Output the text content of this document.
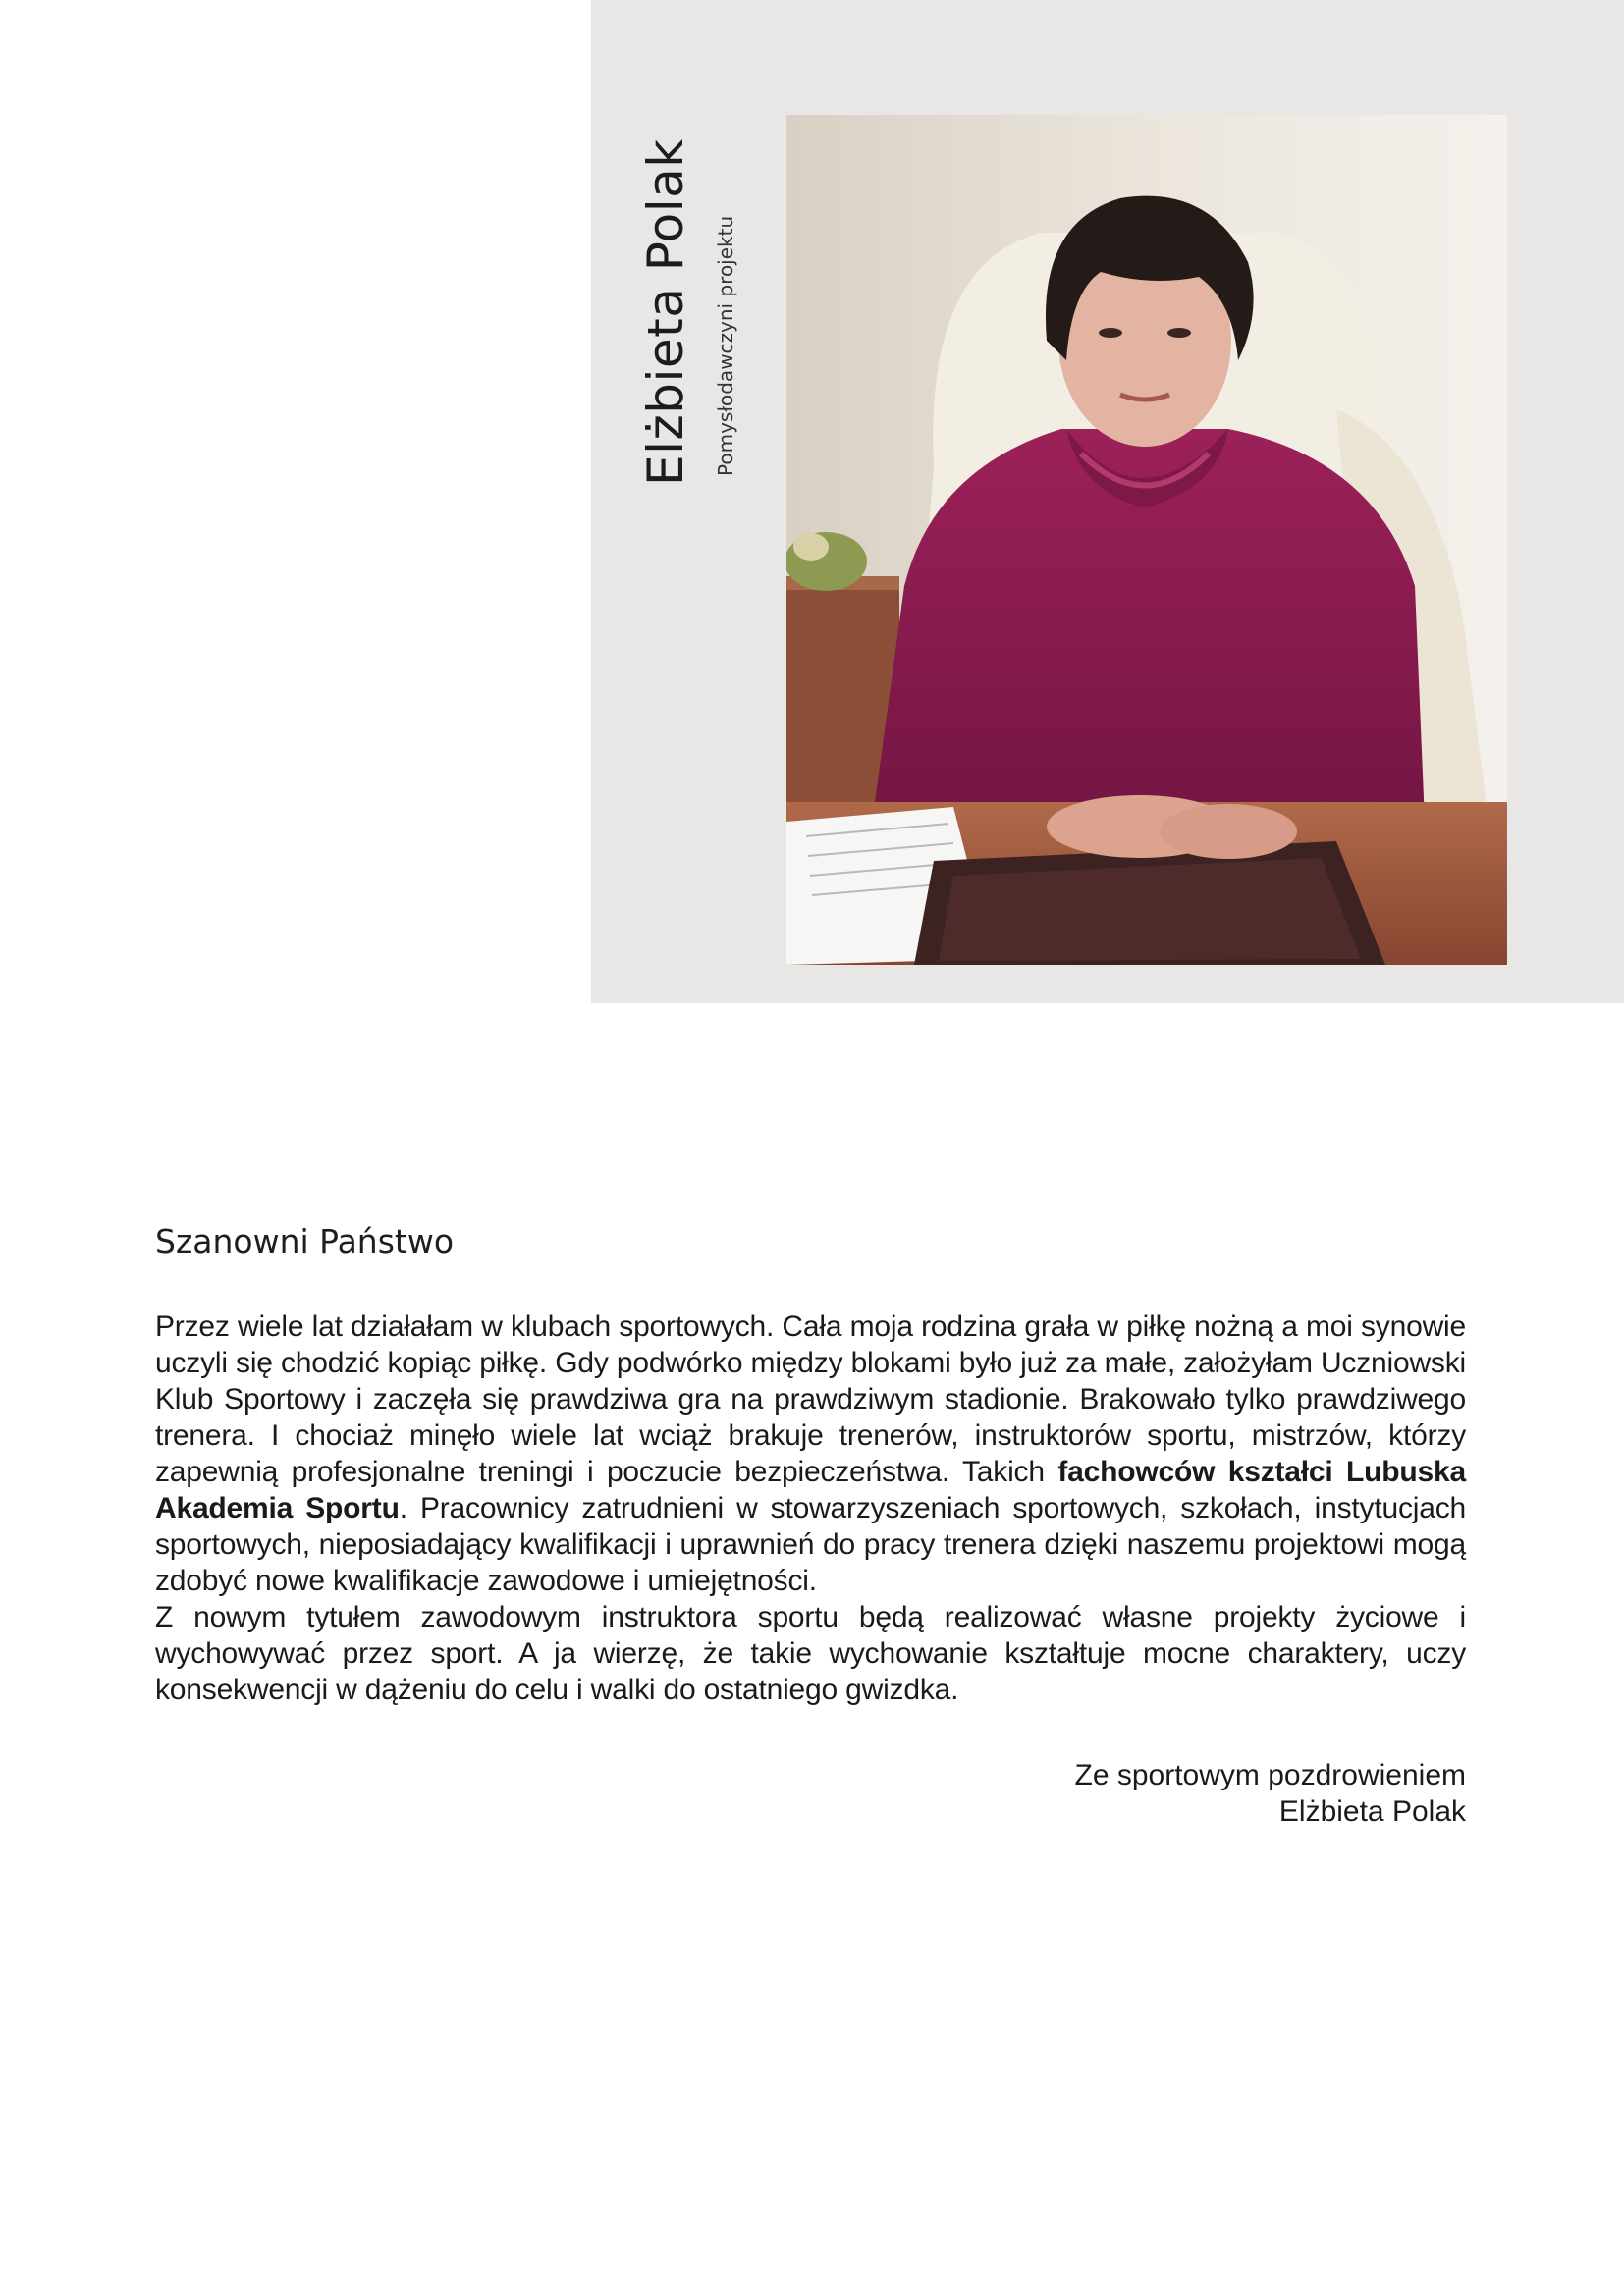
Elżbieta Polak Pomysłodawczyni projektu

Szanowni Państwo

Przez wiele lat działałam w klubach sportowych. Cała moja rodzina grała w piłkę nożną a moi synowie uczyli się chodzić kopiąc piłkę. Gdy podwórko między blokami było już za małe, założyłam Uczniowski Klub Sportowy i zaczęła się prawdziwa gra na prawdziwym stadionie. Brakowało tylko prawdziwego trenera. I chociaż minęło wiele lat wciąż brakuje trenerów, instruktorów sportu, mistrzów, którzy zapewnią profesjonalne treningi i poczucie bezpieczeństwa. Takich fachowców kształci Lubuska Akademia Sportu. Pracownicy zatrudnieni w stowarzyszeniach sportowych, szkołach, instytucjach sportowych, nieposiadający kwalifikacji i uprawnień do pracy trenera dzięki naszemu projektowi mogą zdobyć nowe kwalifikacje zawodowe i umiejętności.

Z nowym tytułem zawodowym instruktora sportu będą realizować własne projekty życiowe i wychowywać przez sport. A ja wierzę, że takie wychowanie kształtuje mocne charaktery, uczy konsekwencji w dążeniu do celu i walki do ostatniego gwizdka.

Ze sportowym pozdrowieniem
Elżbieta Polak
